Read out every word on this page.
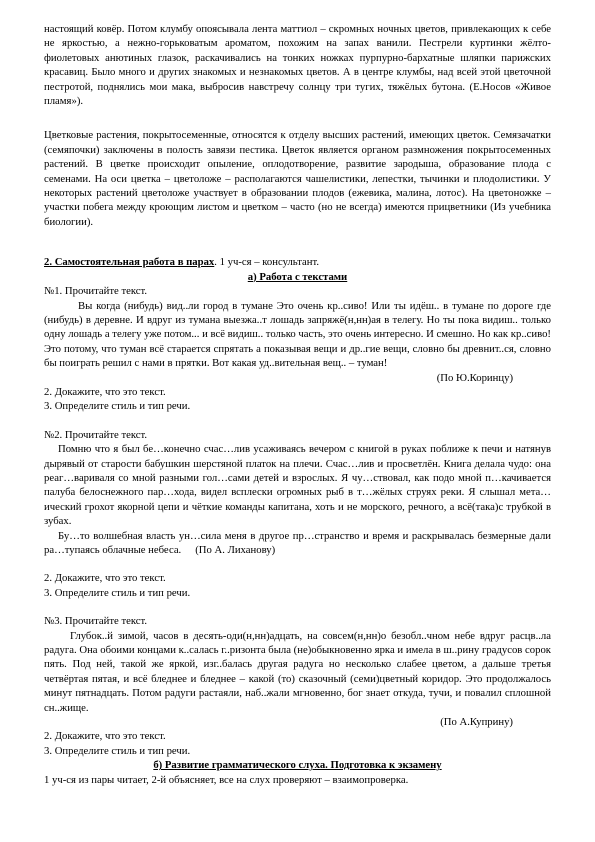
настоящий ковёр. Потом клумбу опоясывала лента маттиол – скромных ночных цветов, привлекающих к себе не яркостью, а нежно-горьковатым ароматом, похожим на запах ванили. Пестрели куртинки жёлто-фиолетовых анютиных глазок, раскачивались на тонких ножках пурпурно-бархатные шляпки парижских красавиц. Было много и других знакомых и незнакомых цветов. А в центре клумбы, над всей этой цветочной пестротой, поднялись мои мака, выбросив навстречу солнцу три тугих, тяжёлых бутона. (Е.Носов «Живое пламя»).

Цветковые растения, покрытосеменные, относятся к отделу высших растений, имеющих цветок. Семязачатки (семяпочки) заключены в полость завязи пестика. Цветок является органом размножения покрытосеменных растений. В цветке происходит опыление, оплодотворение, развитие зародыша, образование плода с семенами. На оси цветка – цветоложе – располагаются чашелистики, лепестки, тычинки и плодолистики. У некоторых растений цветоложе участвует в образовании плодов (ежевика, малина, лотос). На цветоножке – участки побега между кроющим листом и цветком – часто (но не всегда) имеются прицветники (Из учебника биологии).

2. Самостоятельная работа в парах. 1 уч-ся – консультант.

а) Работа с текстами

№1. Прочитайте текст.

Вы когда (нибудь) вид..ли город в тумане Это очень кр..сиво! Или ты идёш.. в тумане по дороге где (нибудь) в деревне. И вдруг из тумана выезжа..т лошадь запряжё(н,нн)ая в телегу. Но ты пока видиш.. только одну лошадь а телегу уже потом... и всё видиш.. только часть, это очень интересно. И смешно. Но как кр..сиво! Это потому, что туман всё старается спрятать а показывая вещи и др..гие вещи, словно бы древнит..ся, словно бы поиграть решил с нами в прятки. Вот какая уд..вительная вещ.. – туман!

(По Ю.Коринцу)

2. Докажите, что это текст.

3. Определите стиль и тип речи.

№2. Прочитайте текст.

Помню что я был бе…конечно счас…лив усаживаясь вечером с книгой в руках поближе к печи и натянув дырявый от старости бабушкин шерстяной платок на плечи. Счас…лив и просветлён. Книга делала чудо: она реаг…вариваля со мной разными гол…сами детей и взрослых. Я чу…ствовал, как подо мной п…качивается палуба белоснежного пар…хода, видел всплески огромных рыб в т…жёлых струях реки. Я слышал мета…ический грохот якорной цепи и чёткие команды капитана, хоть и не морского, речного, а всё(така)с трубкой в зубах.

Бу…то волшебная власть ун…сила меня в другое пр…странство и время и раскрывалась безмерные дали ра…тупаясь облачные небеса. (По А. Лиханову)

2. Докажите, что это текст.

3. Определите стиль и тип речи.

№3. Прочитайте текст.

Глубок..й зимой, часов в десять-оди(н,нн)адцать, на совсем(н,нн)о безобл..чном небе вдруг расцв..ла радуга. Она обоими концами к..салась г..ризонта была (не)обыкновенно ярка и имела в ш..рину градусов сорок пять. Под ней, такой же яркой, изг..балась другая радуга но несколько слабее цветом, а дальше третья четвёртая пятая, и всё бледнее и бледнее – какой (то) сказочный (семи)цветный коридор. Это продолжалось минут пятнадцать. Потом радуги растаяли, наб..жали мгновенно, бог знает откуда, тучи, и повалил сплошной сн..жище.

(По А.Куприну)

2. Докажите, что это текст.

3. Определите стиль и тип речи.

б) Развитие грамматического слуха. Подготовка к экзамену

1 уч-ся из пары читает, 2-й объясняет, все на слух проверяют – взаимопроверка.
